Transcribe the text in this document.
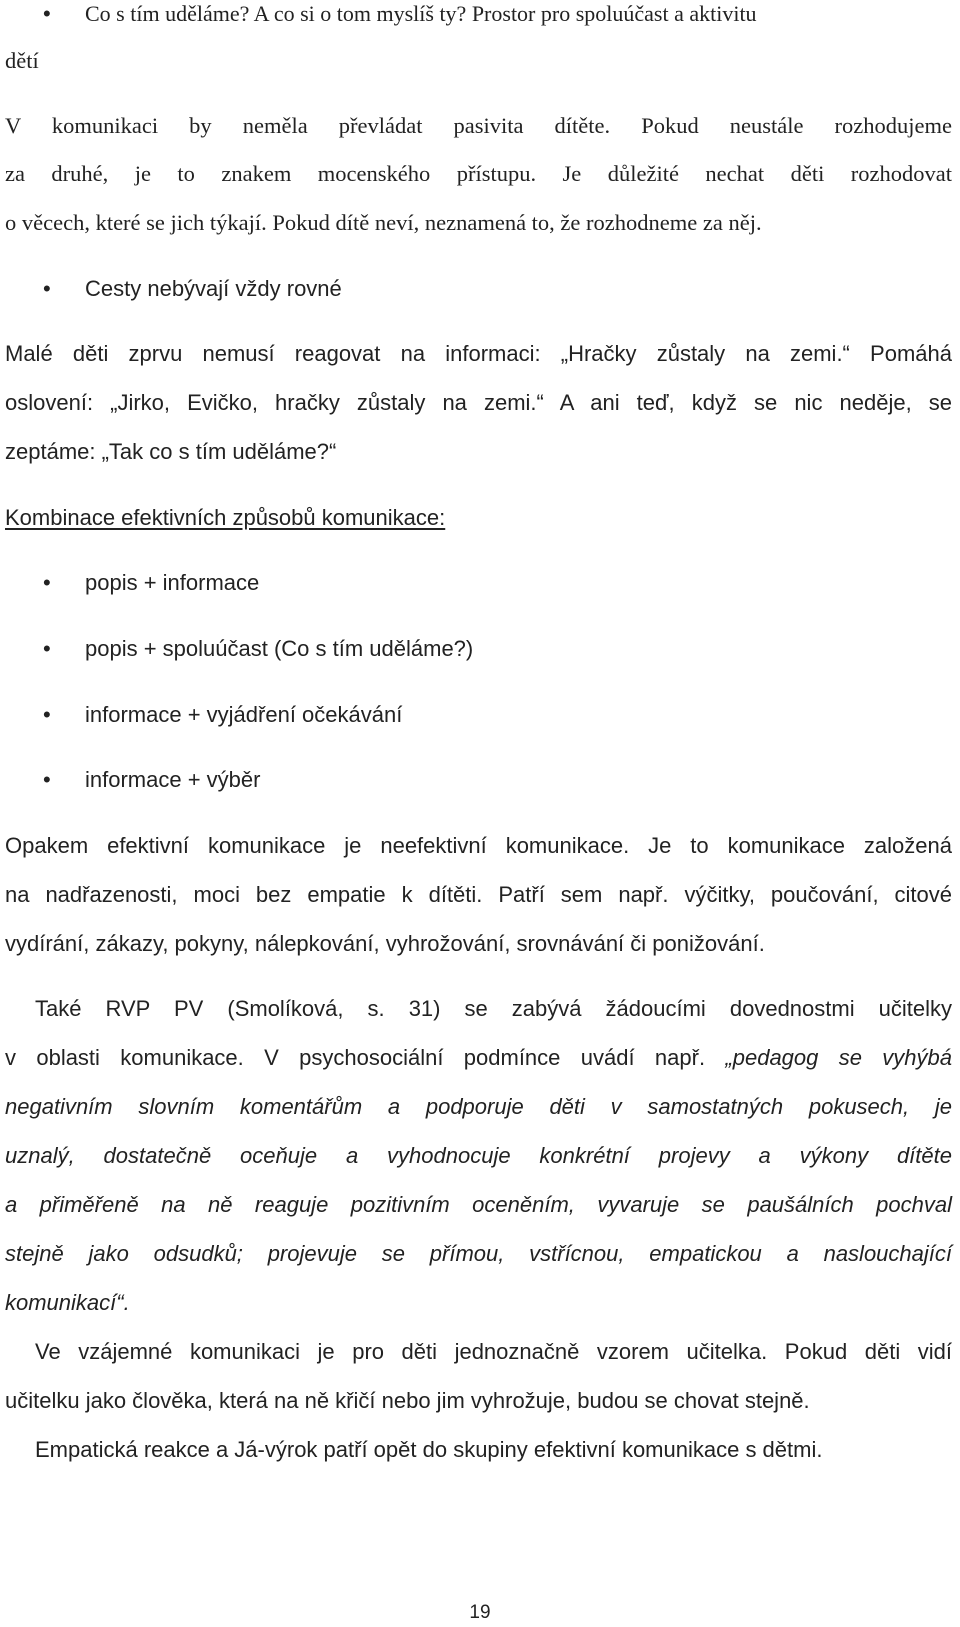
• Co s tím uděláme? A co si o tom myslíš ty? Prostor pro spoluúčast a aktivitu
dětí
V komunikaci by neměla převládat pasivita dítěte. Pokud neustále rozhodujeme
za druhé, je to znakem mocenského přístupu. Je důležité nechat děti rozhodovat
o věcech, které se jich týkají. Pokud dítě neví, neznamená to, že rozhodneme za něj.
• Cesty nebývají vždy rovné
Malé děti zprvu nemusí reagovat na informaci: „Hračky zůstaly na zemi.“ Pomáhá
oslovení: „Jirko, Evičko, hračky zůstaly na zemi.“ A ani teď, když se nic neděje, se
zeptáme: „Tak co s tím uděláme?“
Kombinace efektivních způsobů komunikace:
• popis + informace
• popis + spoluúčast (Co s tím uděláme?)
• informace + vyjádření očekávání
• informace + výběr
Opakem efektivní komunikace je neefektivní komunikace. Je to komunikace založená
na nadřazenosti, moci bez empatie k dítěti. Patří sem např. výčitky, poučování, citové
vydírání, zákazy, pokyny, nálepkování, vyhrožování, srovnávání či ponižování.
Také RVP PV (Smolíková, s. 31) se zabývá žádoucími dovednostmi učitelky
v oblasti komunikace. V psychosociální podmínce uvádí např. „pedagog se vyhýbá
negativním slovním komentářům a podporuje děti v samostatných pokusech, je
uznalý, dostatečně oceňuje a vyhodnocuje konkrétní projevy a výkony dítěte
a přiměřeně na ně reaguje pozitivním oceněním, vyvaruje se paušálních pochval
stejně jako odsudků; projevuje se přímou, vstřícnou, empatickou a naslouchající
komunikací“.
Ve vzájemné komunikaci je pro děti jednoznačně vzorem učitelka. Pokud děti vidí
učitelku jako člověka, která na ně křičí nebo jim vyhrožuje, budou se chovat stejně.
Empatická reakce a Já-výrok patří opět do skupiny efektivní komunikace s dětmi.
19
